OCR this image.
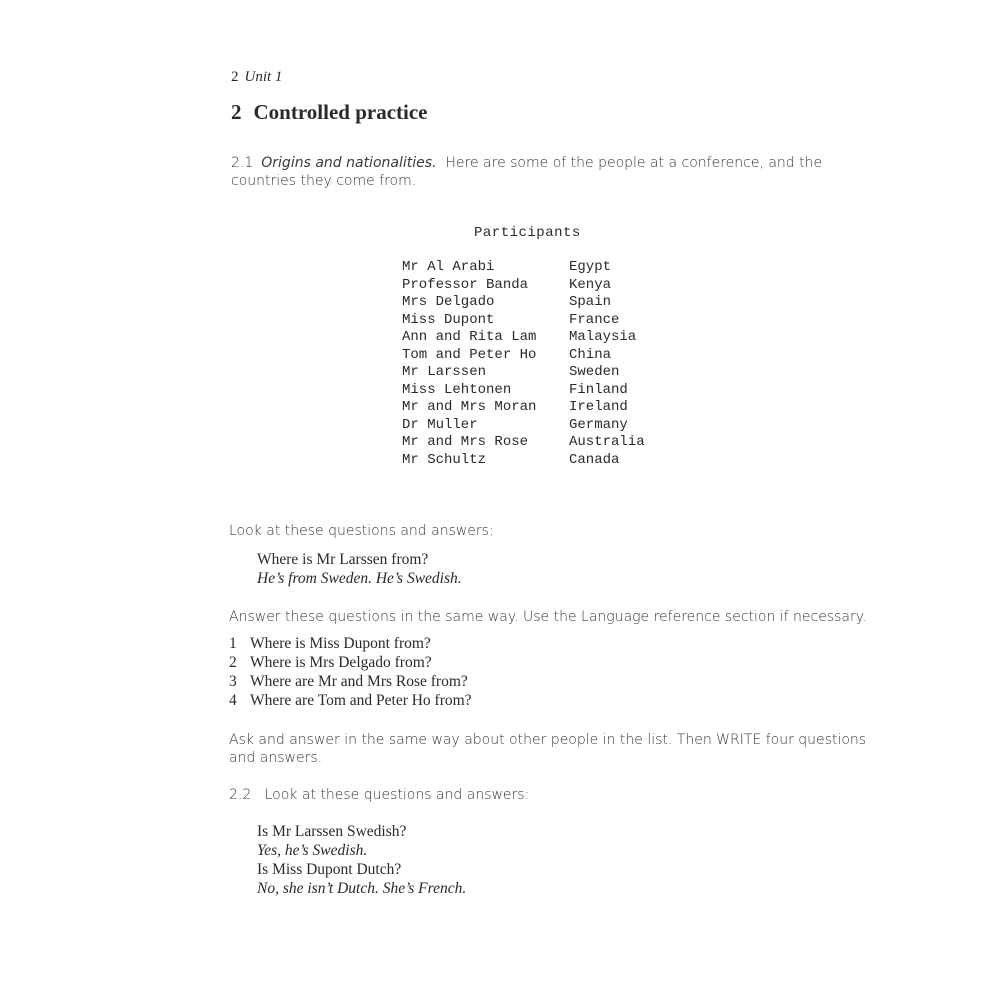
2 Unit 1
2 Controlled practice
2.1 Origins and nationalities. Here are some of the people at a conference, and the
countries they come from.
Participants
Mr Al Arabi	Egypt
Professor Banda	Kenya
Mrs Delgado	Spain
Miss Dupont	France
Ann and Rita Lam	Malaysia
Tom and Peter Ho	China
Mr Larssen	Sweden
Miss Lehtonen	Finland
Mr and Mrs Moran	Ireland
Dr Muller	Germany
Mr and Mrs Rose	Australia
Mr Schultz	Canada
Look at these questions and answers:
Where is Mr Larssen from?
He’s from Sweden. He’s Swedish.
Answer these questions in the same way. Use the Language reference section if necessary.
1 Where is Miss Dupont from?
2 Where is Mrs Delgado from?
3 Where are Mr and Mrs Rose from?
4 Where are Tom and Peter Ho from?
Ask and answer in the same way about other people in the list. Then WRITE four questions
and answers.
2.2 Look at these questions and answers:
Is Mr Larssen Swedish?
Yes, he’s Swedish.
Is Miss Dupont Dutch?
No, she isn’t Dutch. She’s French.
